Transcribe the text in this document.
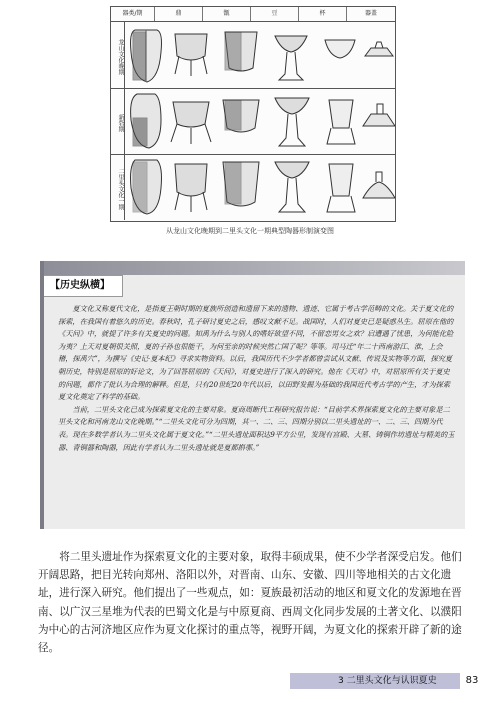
器类/期	鼎	甑	豆	杯	器盖
龙山文化晚期
新砦期
二里头文化一期
从龙山文化晚期到二里头文化一期典型陶器形制演变图
【历史纵横】

夏文化又称夏代文化，是指夏王朝时期的夏族所创造和遗留下来的遗物、遗迹、它属于考古学范畴的文化。关于夏文化的探索，在我国有着悠久的历史。春秋时，孔子研讨夏史之后，感叹文献不足。战国时，人们对夏史已是疑惑丛生。屈原在他的《天问》中，就提了许多有关夏史的问题。知禹为什么与别人的嗜好欲望不同，不留恋男女之欢？启遭遇了忧患，为何能化险为夷？上天对夏朝很关照，夏的子孙也很能干，为何至亲的时候突然亡国了呢？等等。司马迁“年二十西南游江、淮，上会稽，探禹穴”，为撰写《史记·夏本纪》寻求实物资料。以后，我国历代不少学者都曾尝试从文献、传说及实物等方面，探究夏朝历史，特别是屈原的好论文，为了回答屈原的《天问》，对夏史进行了深入的研究。他在《天对》中，对屈原所有关于夏史的问题，都作了批认为合理的解释。但是，只有20世纪20年代以后，以田野发掘为基础的我国近代考古学的产生，才为探索夏文化奠定了科学的基础。

当前，二里头文化已成为探索夏文化的主要对象。夏商周断代工程研究报告说：“目前学术界探索夏文化的主要对象是二里头文化和河南龙山文化晚期。”“二里头文化可分为四期，其一、二、三、四期分别以二里头遗址的一、二、三、四期为代表。现在多数学者认为二里头文化属于夏文化。”“二里头遗址面积达9平方公里，发现有宫殿、大墓、铸铜作坊遗址与精美的玉器、青铜器和陶器，因此有学者认为二里头遗址就是夏都斟鄩。”

将二里头遗址作为探索夏文化的主要对象，取得丰硕成果，使不少学者深受启发。他们开阔思路，把目光转向郑州、洛阳以外，对晋南、山东、安徽、四川等地相关的古文化遗址，进行深入研究。他们提出了一些观点，如：夏族最初活动的地区和夏文化的发源地在晋南、以广汉三星堆为代表的巴蜀文化是与中原夏商、西周文化同步发展的土著文化、以濮阳为中心的古河济地区应作为夏文化探讨的重点等，视野开阔，为夏文化的探索开辟了新的途径。

3 二里头文化与认识夏史	83
